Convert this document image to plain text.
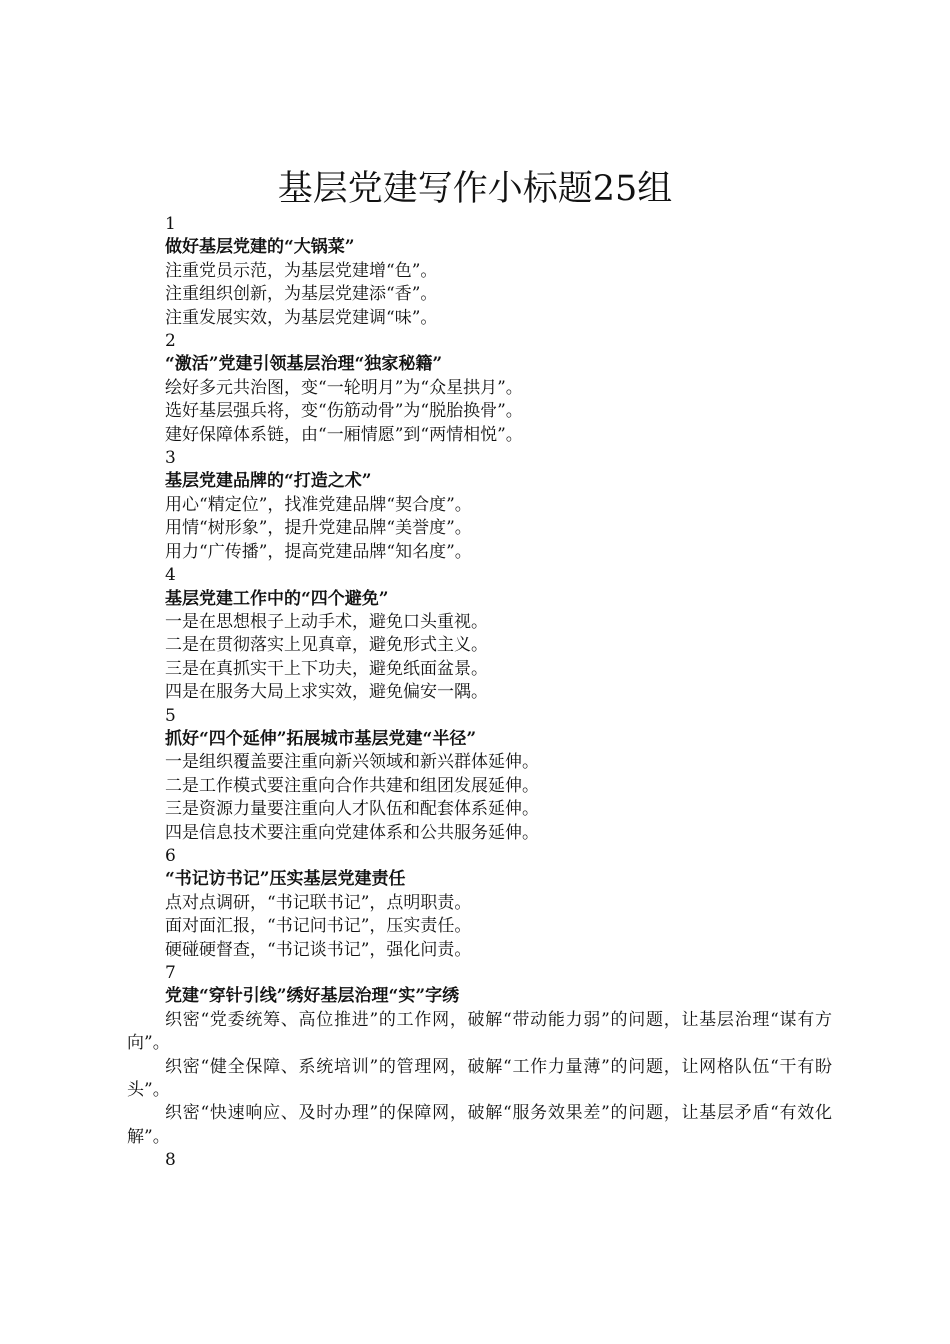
基层党建写作小标题25组
1
做好基层党建的“大锅菜”
注重党员示范，为基层党建增“色”。
注重组织创新，为基层党建添“香”。
注重发展实效，为基层党建调“味”。
2
“激活”党建引领基层治理“独家秘籍”
绘好多元共治图，变“一轮明月”为“众星拱月”。
选好基层强兵将，变“伤筋动骨”为“脱胎换骨”。
建好保障体系链，由“一厢情愿”到“两情相悦”。
3
基层党建品牌的“打造之术”
用心“精定位”，找准党建品牌“契合度”。
用情“树形象”，提升党建品牌“美誉度”。
用力“广传播”，提高党建品牌“知名度”。
4
基层党建工作中的“四个避免”
一是在思想根子上动手术，避免口头重视。
二是在贯彻落实上见真章，避免形式主义。
三是在真抓实干上下功夫，避免纸面盆景。
四是在服务大局上求实效，避免偏安一隅。
5
抓好“四个延伸”拓展城市基层党建“半径”
一是组织覆盖要注重向新兴领域和新兴群体延伸。
二是工作模式要注重向合作共建和组团发展延伸。
三是资源力量要注重向人才队伍和配套体系延伸。
四是信息技术要注重向党建体系和公共服务延伸。
6
“书记访书记”压实基层党建责任
点对点调研，“书记联书记”，点明职责。
面对面汇报，“书记问书记”，压实责任。
硬碰硬督查，“书记谈书记”，强化问责。
7
党建“穿针引线”绣好基层治理“实”字绣
织密“党委统筹、高位推进”的工作网，破解“带动能力弱”的问题，让基层治理“谋有方向”。
织密“健全保障、系统培训”的管理网，破解“工作力量薄”的问题，让网格队伍“干有盼头”。
织密“快速响应、及时办理”的保障网，破解“服务效果差”的问题，让基层矛盾“有效化解”。
8
